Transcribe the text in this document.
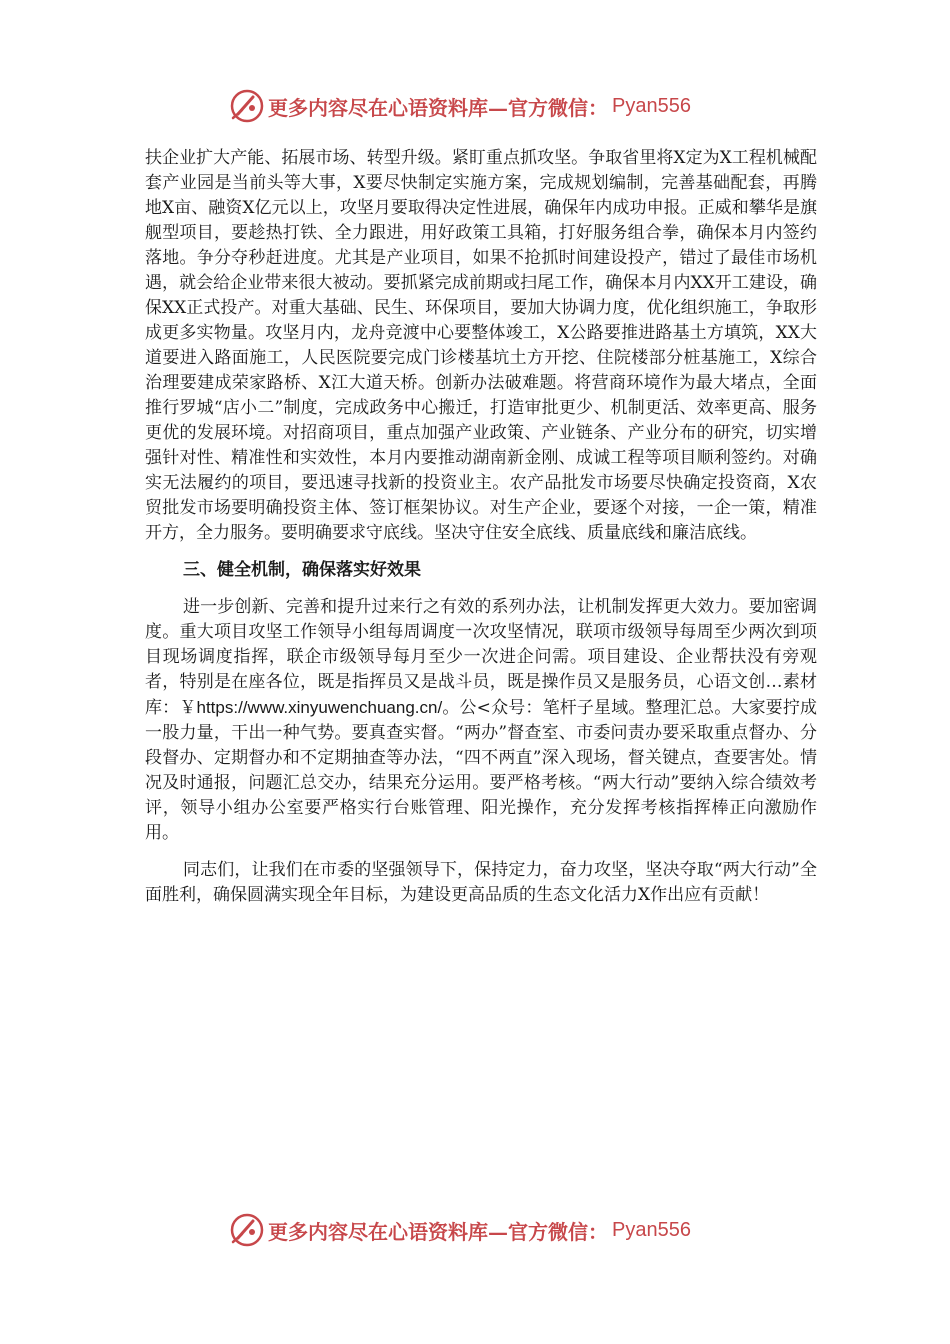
更多内容尽在心语资料库—官方微信： Pyan556

扶企业扩大产能、拓展市场、转型升级。紧盯重点抓攻坚。争取省里将X定为X工程机械配套产业园是当前头等大事，X要尽快制定实施方案，完成规划编制，完善基础配套，再腾地X亩、融资X亿元以上，攻坚月要取得决定性进展，确保年内成功申报。正威和攀华是旗舰型项目，要趁热打铁、全力跟进，用好政策工具箱，打好服务组合拳，确保本月内签约落地。争分夺秒赶进度。尤其是产业项目，如果不抢抓时间建设投产，错过了最佳市场机遇，就会给企业带来很大被动。要抓紧完成前期或扫尾工作，确保本月内XX开工建设，确保XX正式投产。对重大基础、民生、环保项目，要加大协调力度，优化组织施工，争取形成更多实物量。攻坚月内，龙舟竞渡中心要整体竣工，X公路要推进路基土方填筑，XX大道要进入路面施工，人民医院要完成门诊楼基坑土方开挖、住院楼部分桩基施工，X综合治理要建成荣家路桥、X江大道天桥。创新办法破难题。将营商环境作为最大堵点，全面推行罗城“店小二”制度，完成政务中心搬迁，打造审批更少、机制更活、效率更高、服务更优的发展环境。对招商项目，重点加强产业政策、产业链条、产业分布的研究，切实增强针对性、精准性和实效性，本月内要推动湖南新金刚、成诚工程等项目顺利签约。对确实无法履约的项目，要迅速寻找新的投资业主。农产品批发市场要尽快确定投资商，X农贸批发市场要明确投资主体、签订框架协议。对生产企业，要逐个对接，一企一策，精准开方，全力服务。要明确要求守底线。坚决守住安全底线、质量底线和廉洁底线。

三、健全机制，确保落实好效果

进一步创新、完善和提升过来行之有效的系列办法，让机制发挥更大效力。要加密调度。重大项目攻坚工作领导小组每周调度一次攻坚情况，联项市级领导每周至少两次到项目现场调度指挥，联企市级领导每月至少一次进企问需。项目建设、企业帮扶没有旁观者，特别是在座各位，既是指挥员又是战斗员，既是操作员又是服务员，心语文创…素材库：￥https://www.xinyuwenchuang.cn/。公<众号：笔杆子星域。整理汇总。大家要拧成一股力量，干出一种气势。要真查实督。“两办”督查室、市委问责办要采取重点督办、分段督办、定期督办和不定期抽查等办法，“四不两直”深入现场，督关键点，查要害处。情况及时通报，问题汇总交办，结果充分运用。要严格考核。“两大行动”要纳入综合绩效考评，领导小组办公室要严格实行台账管理、阳光操作，充分发挥考核指挥棒正向激励作用。

同志们，让我们在市委的坚强领导下，保持定力，奋力攻坚，坚决夺取“两大行动”全面胜利，确保圆满实现全年目标，为建设更高品质的生态文化活力X作出应有贡献！

更多内容尽在心语资料库—官方微信： Pyan556
